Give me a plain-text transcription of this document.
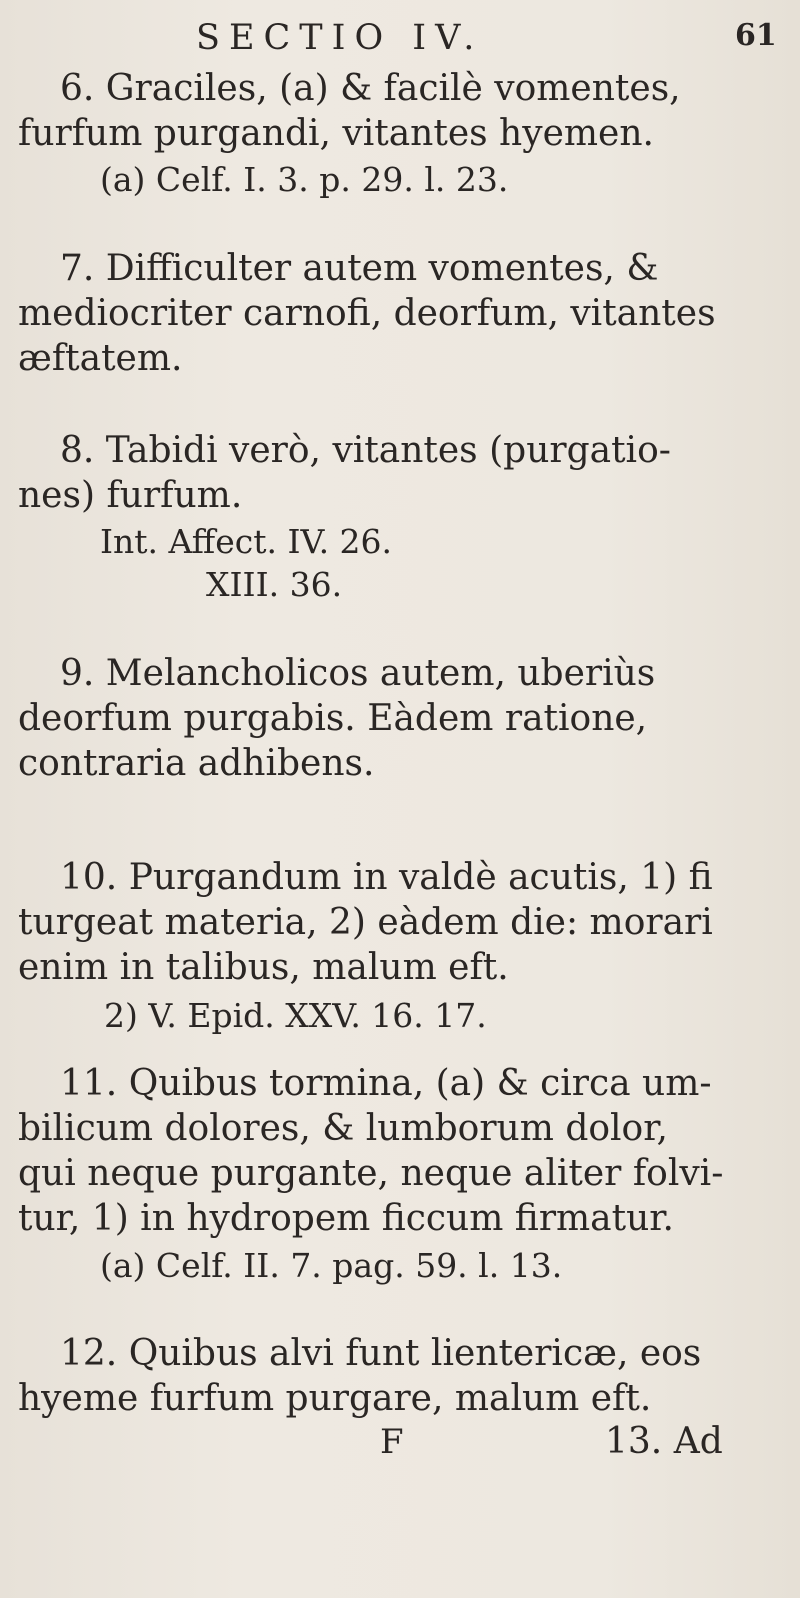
SECTIO IV.	61
6. Graciles, (a) & facilè vomentes,
furfum purgandi, vitantes hyemen.
(a) Celf. I. 3. p. 29. l. 23.
7. Difficulter autem vomentes, &
mediocriter carnofi, deorfum, vitantes
æftatem.
8. Tabidi verò, vitantes (purgatio-
nes) furfum.
Int. Affect. IV. 26.
XIII. 36.
9. Melancholicos autem, uberiùs
deorfum purgabis. Eàdem ratione,
contraria adhibens.
10. Purgandum in valdè acutis, 1) fi
turgeat materia, 2) eàdem die: morari
enim in talibus, malum eft.
2) V. Epid. XXV. 16. 17.
11. Quibus tormina, (a) & circa um-
bilicum dolores, & lumborum dolor,
qui neque purgante, neque aliter folvi-
tur, 1) in hydropem ficcum firmatur.
(a) Celf. II. 7. pag. 59. l. 13.
12. Quibus alvi funt lientericæ, eos
hyeme furfum purgare, malum eft.
F	13. Ad
